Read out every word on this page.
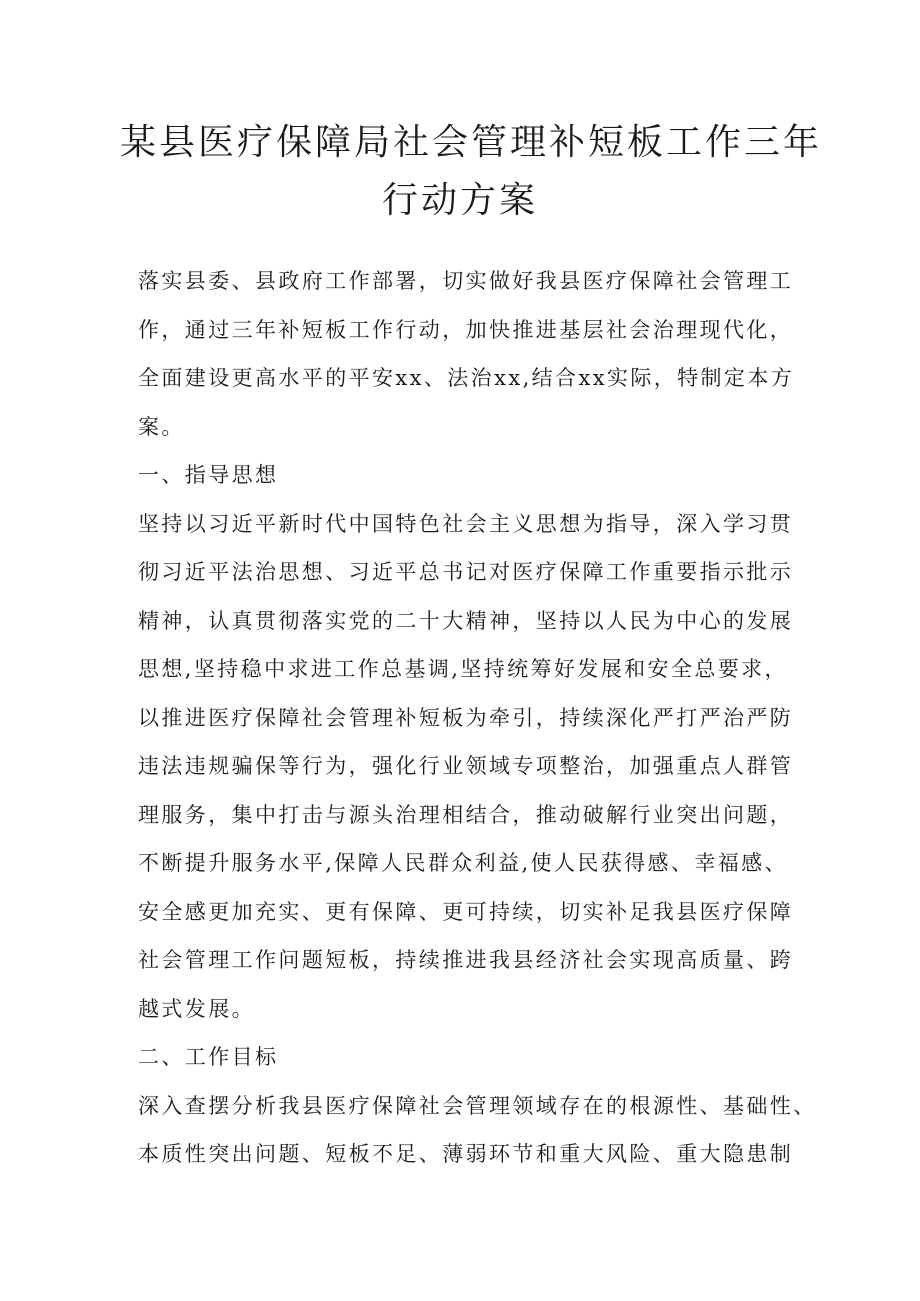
某县医疗保障局社会管理补短板工作三年
行动方案

落实县委、县政府工作部署，切实做好我县医疗保障社会管理工
作，通过三年补短板工作行动，加快推进基层社会治理现代化，
全面建设更高水平的平安xx、法治xx,结合xx实际，特制定本方
案。

一、指导思想

坚持以习近平新时代中国特色社会主义思想为指导，深入学习贯
彻习近平法治思想、习近平总书记对医疗保障工作重要指示批示
精神，认真贯彻落实党的二十大精神，坚持以人民为中心的发展
思想,坚持稳中求进工作总基调,坚持统筹好发展和安全总要求，
以推进医疗保障社会管理补短板为牵引，持续深化严打严治严防
违法违规骗保等行为，强化行业领域专项整治，加强重点人群管
理服务，集中打击与源头治理相结合，推动破解行业突出问题，
不断提升服务水平,保障人民群众利益,使人民获得感、幸福感、
安全感更加充实、更有保障、更可持续，切实补足我县医疗保障
社会管理工作问题短板，持续推进我县经济社会实现高质量、跨
越式发展。

二、工作目标

深入查摆分析我县医疗保障社会管理领域存在的根源性、基础性、
本质性突出问题、短板不足、薄弱环节和重大风险、重大隐患制
